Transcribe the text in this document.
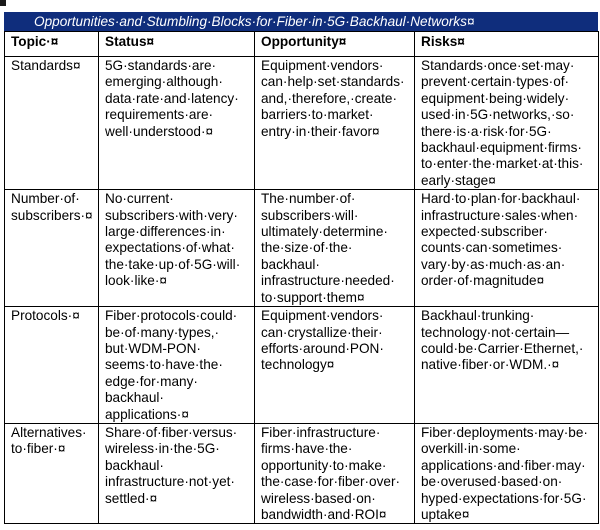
Opportunities·and·Stumbling·Blocks·for·Fiber·in·5G·Backhaul·Networks¤
Topic·¤	Status¤	Opportunity¤	Risks¤
Standards¤	5G·standards·are· emerging·although· data·rate·and·latency· requirements·are· well·understood·¤	Equipment·vendors· can·help·set·standards· and,·therefore,·create· barriers·to·market· entry·in·their·favor¤	Standards·once·set·may· prevent·certain·types·of· equipment·being·widely· used·in·5G·networks,·so· there·is·a·risk·for·5G· backhaul·equipment·firms· to·enter·the·market·at·this· early·stage¤
Number·of· subscribers·¤	No·current· subscribers·with·very· large·differences·in· expectations·of·what· the·take·up·of·5G·will· look·like·¤	The·number·of· subscribers·will· ultimately·determine· the·size·of·the· backhaul· infrastructure·needed· to·support·them¤	Hard·to·plan·for·backhaul· infrastructure·sales·when· expected·subscriber· counts·can·sometimes· vary·by·as·much·as·an· order·of·magnitude¤
Protocols·¤	Fiber·protocols·could· be·of·many·types,· but·WDM-PON· seems·to·have·the· edge·for·many· backhaul· applications·¤	Equipment·vendors· can·crystallize·their· efforts·around·PON· technology¤	Backhaul·trunking· technology·not·certain— could·be·Carrier·Ethernet,· native·fiber·or·WDM.·¤
Alternatives· to·fiber·¤	Share·of·fiber·versus· wireless·in·the·5G· backhaul· infrastructure·not·yet· settled·¤	Fiber·infrastructure· firms·have·the· opportunity·to·make· the·case·for·fiber·over· wireless·based·on· bandwidth·and·ROI¤	Fiber·deployments·may·be· overkill·in·some· applications·and·fiber·may· be·overused·based·on· hyped·expectations·for·5G· uptake¤
